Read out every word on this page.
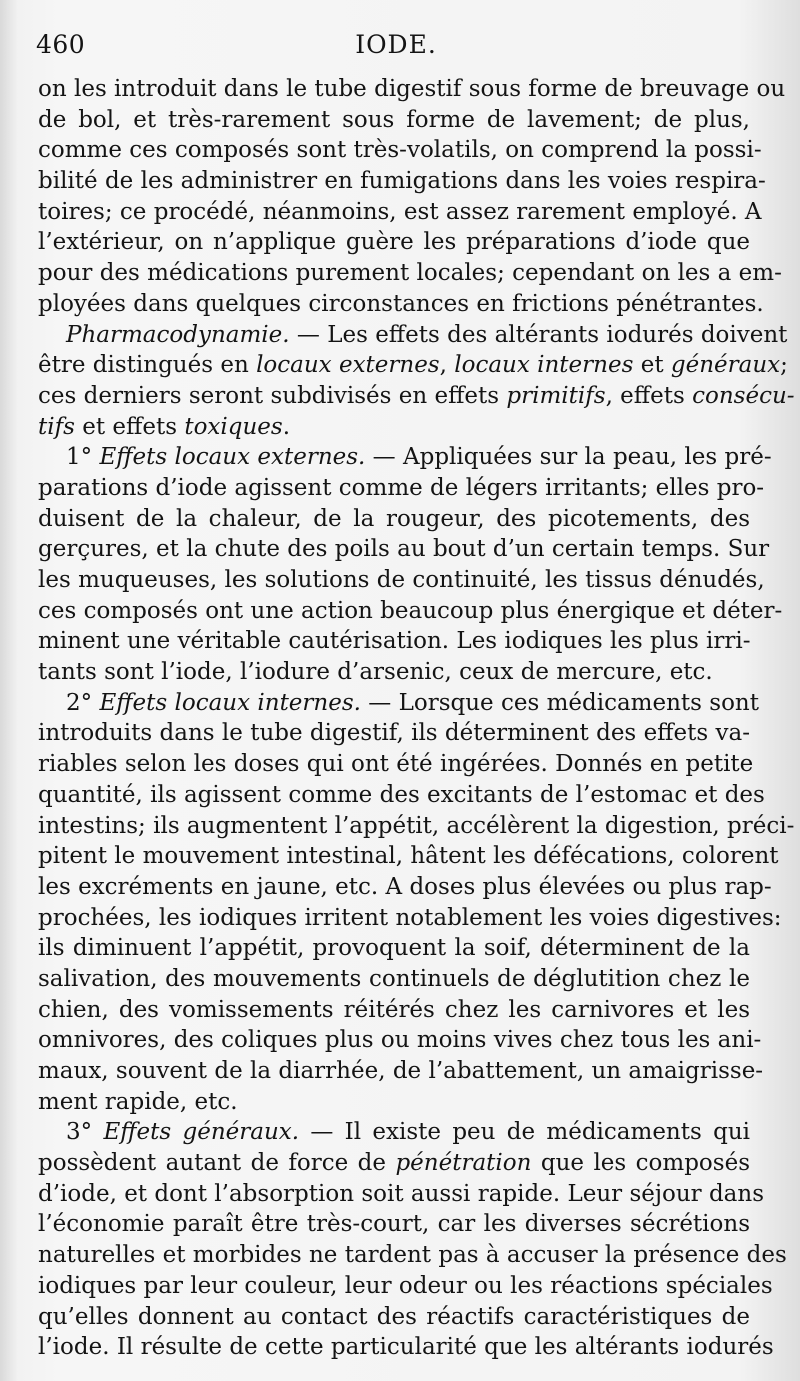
460	IODE.
on les introduit dans le tube digestif sous forme de breuvage ou
de bol, et très-rarement sous forme de lavement; de plus,
comme ces composés sont très-volatils, on comprend la possi-
bilité de les administrer en fumigations dans les voies respira-
toires; ce procédé, néanmoins, est assez rarement employé. A
l’extérieur, on n’applique guère les préparations d’iode que
pour des médications purement locales; cependant on les a em-
ployées dans quelques circonstances en frictions pénétrantes.
Pharmacodynamie. — Les effets des altérants iodurés doivent
être distingués en locaux externes, locaux internes et généraux;
ces derniers seront subdivisés en effets primitifs, effets consécu-
tifs et effets toxiques.
1° Effets locaux externes. — Appliquées sur la peau, les pré-
parations d’iode agissent comme de légers irritants; elles pro-
duisent de la chaleur, de la rougeur, des picotements, des
gerçures, et la chute des poils au bout d’un certain temps. Sur
les muqueuses, les solutions de continuité, les tissus dénudés,
ces composés ont une action beaucoup plus énergique et déter-
minent une véritable cautérisation. Les iodiques les plus irri-
tants sont l’iode, l’iodure d’arsenic, ceux de mercure, etc.
2° Effets locaux internes. — Lorsque ces médicaments sont
introduits dans le tube digestif, ils déterminent des effets va-
riables selon les doses qui ont été ingérées. Donnés en petite
quantité, ils agissent comme des excitants de l’estomac et des
intestins; ils augmentent l’appétit, accélèrent la digestion, préci-
pitent le mouvement intestinal, hâtent les défécations, colorent
les excréments en jaune, etc. A doses plus élevées ou plus rap-
prochées, les iodiques irritent notablement les voies digestives:
ils diminuent l’appétit, provoquent la soif, déterminent de la
salivation, des mouvements continuels de déglutition chez le
chien, des vomissements réitérés chez les carnivores et les
omnivores, des coliques plus ou moins vives chez tous les ani-
maux, souvent de la diarrhée, de l’abattement, un amaigrisse-
ment rapide, etc.
3° Effets généraux. — Il existe peu de médicaments qui
possèdent autant de force de pénétration que les composés
d’iode, et dont l’absorption soit aussi rapide. Leur séjour dans
l’économie paraît être très-court, car les diverses sécrétions
naturelles et morbides ne tardent pas à accuser la présence des
iodiques par leur couleur, leur odeur ou les réactions spéciales
qu’elles donnent au contact des réactifs caractéristiques de
l’iode. Il résulte de cette particularité que les altérants iodurés
